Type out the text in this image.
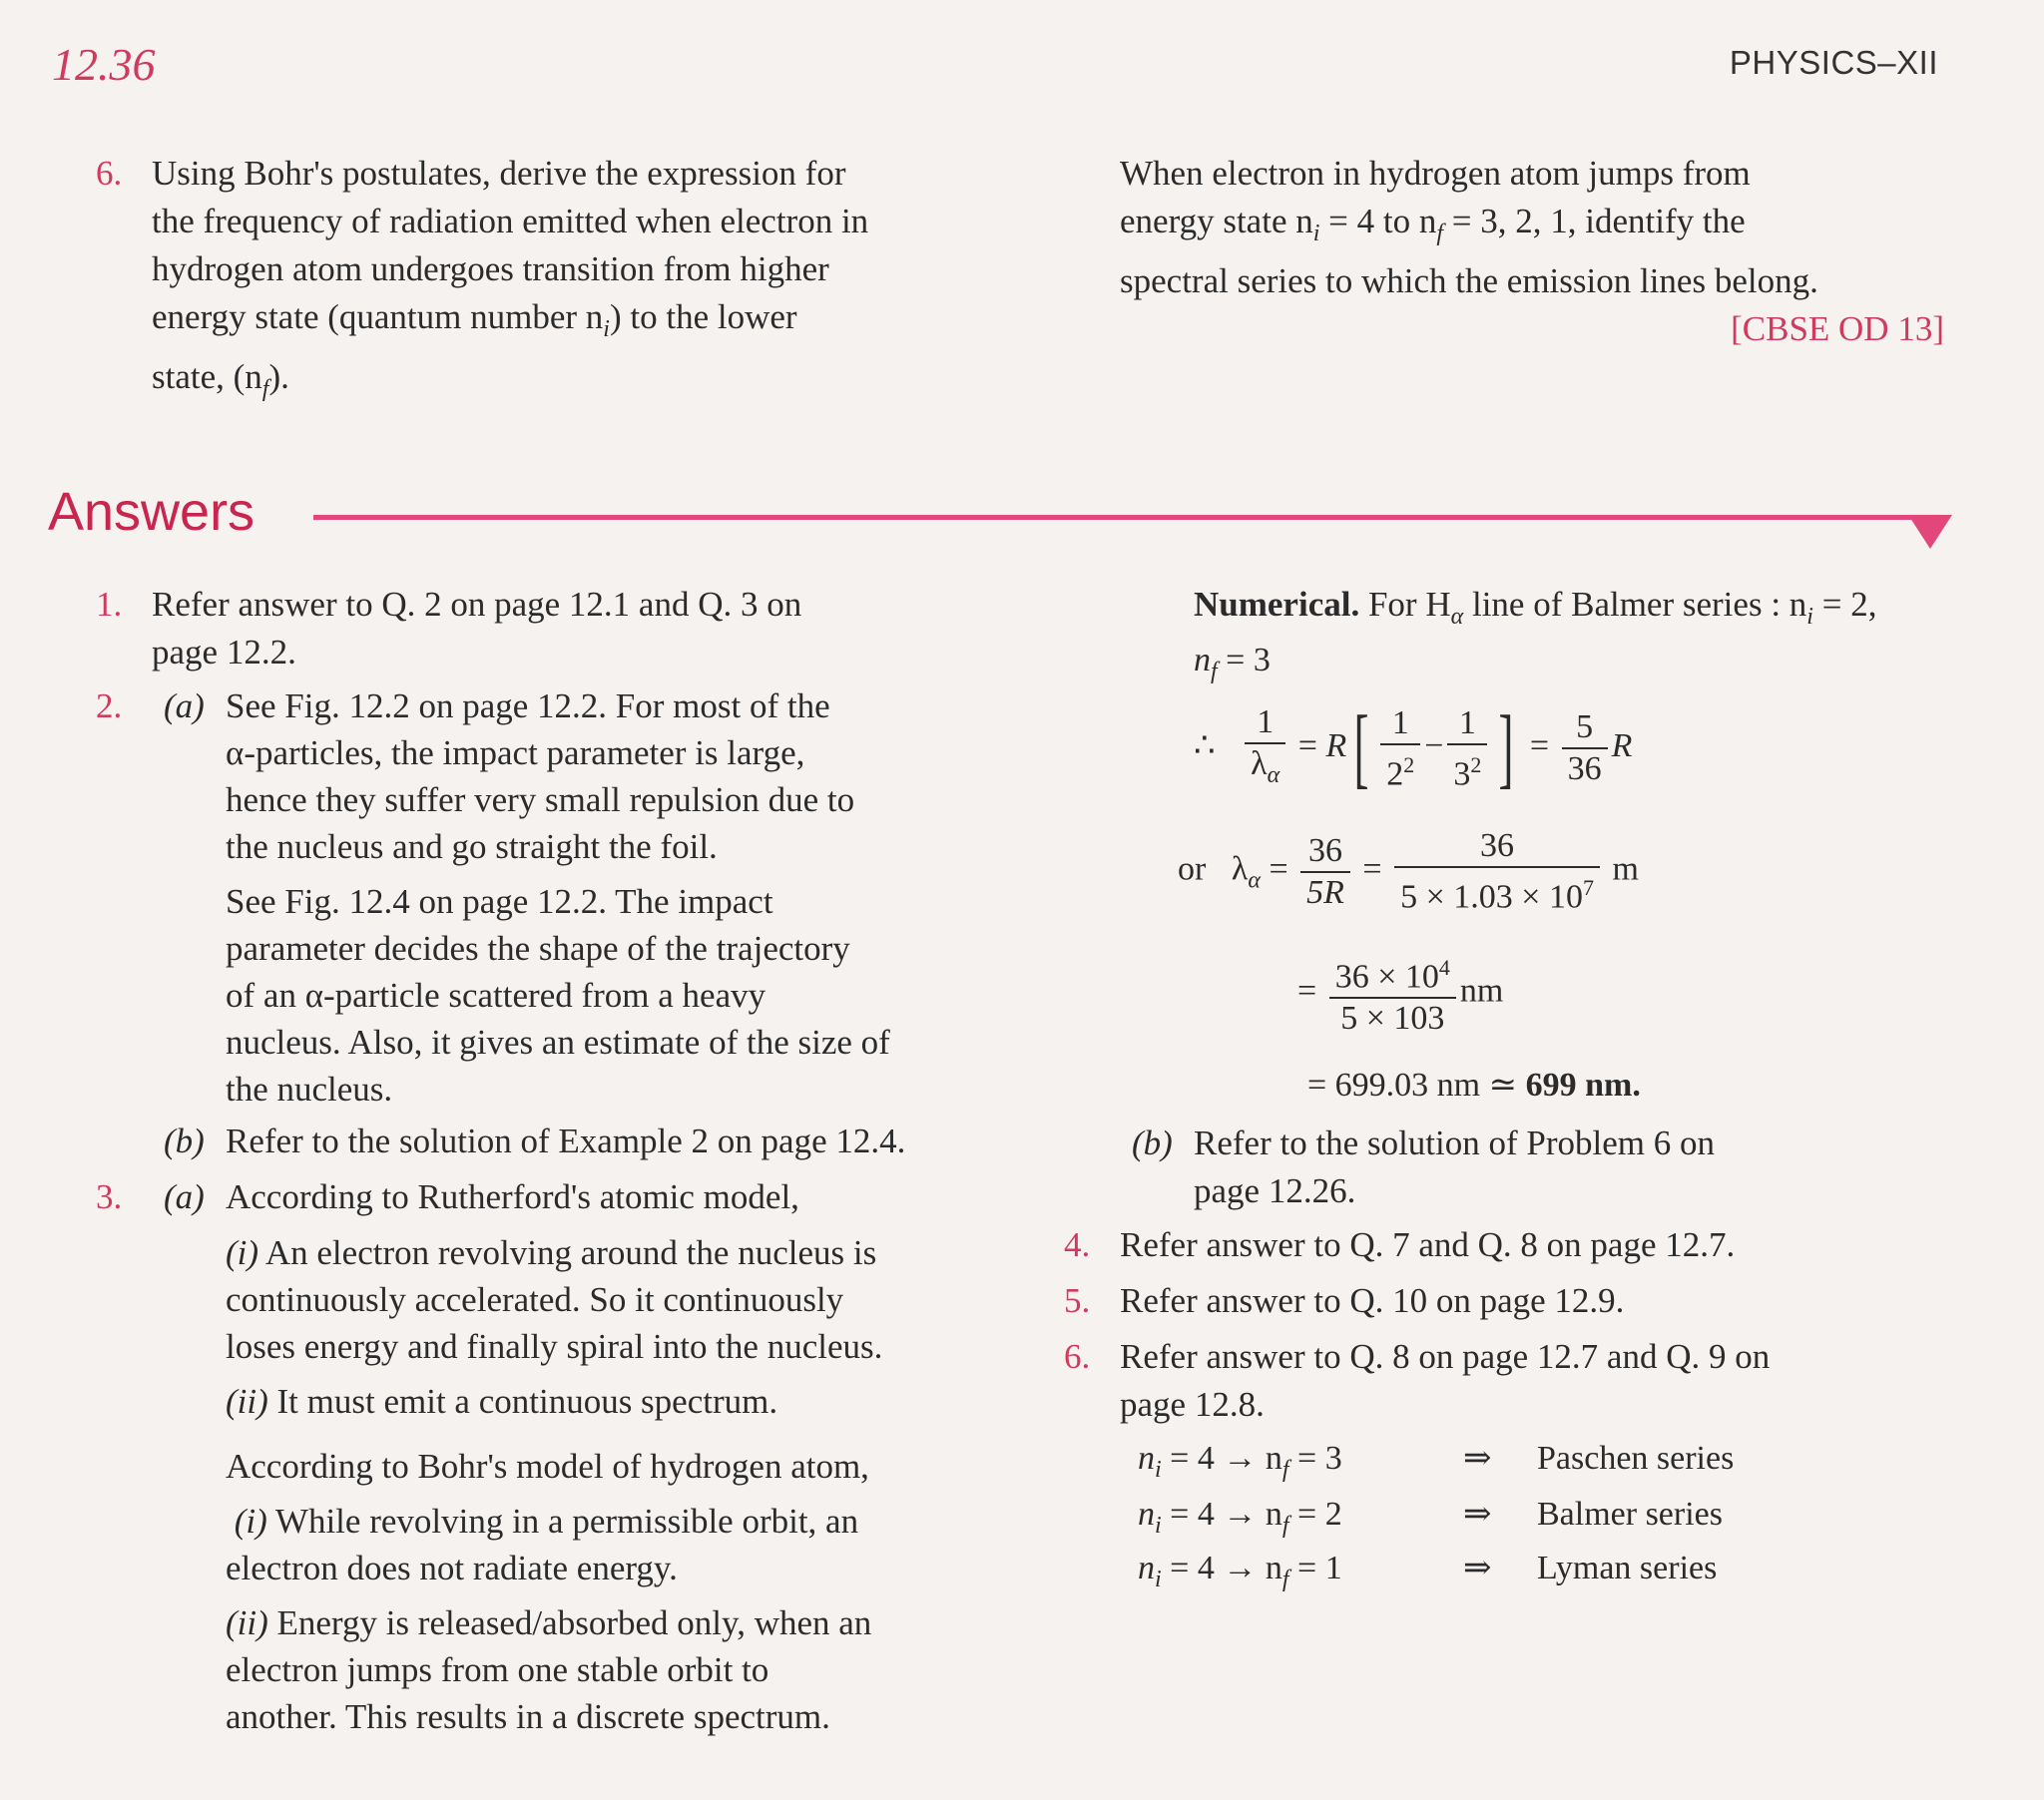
12.36	PHYSICS–XII
6. Using Bohr's postulates, derive the expression for
the frequency of radiation emitted when electron in
hydrogen atom undergoes transition from higher
energy state (quantum number $n_i$) to the lower
state, $(n_f)$.
When electron in hydrogen atom jumps from
energy state $n_i = 4$ to $n_f = 3$, 2, 1, identify the
spectral series to which the emission lines belong.
[CBSE OD 13]
Answers
1. Refer answer to Q. 2 on page 12.1 and Q. 3 on
page 12.2.
2. (a) See Fig. 12.2 on page 12.2. For most of the
α-particles, the impact parameter is large,
hence they suffer very small repulsion due to
the nucleus and go straight the foil.
See Fig. 12.4 on page 12.2. The impact
parameter decides the shape of the trajectory
of an α-particle scattered from a heavy
nucleus. Also, it gives an estimate of the size of
the nucleus.
(b) Refer to the solution of Example 2 on page 12.4.
3. (a) According to Rutherford's atomic model,
(i) An electron revolving around the nucleus is
continuously accelerated. So it continuously
loses energy and finally spiral into the nucleus.
(ii) It must emit a continuous spectrum.
According to Bohr's model of hydrogen atom,
(i) While revolving in a permissible orbit, an
electron does not radiate energy.
(ii) Energy is released/absorbed only, when an
electron jumps from one stable orbit to
another. This results in a discrete spectrum.
Numerical. For $H_\alpha$ line of Balmer series : $n_i = 2$,
$n_f = 3$
∴ $\frac{1}{\lambda_\alpha} = R[ \frac{1}{2^2} - \frac{1}{3^2}$ ] = $\frac{5}{36}$ R
or $\lambda_\alpha = \frac{36}{5R} = \frac{36}{5 \times 1.03 \times 10^7}$ m
= $\frac{36 \times 10^4}{5 \times 103}$ nm
= 699.03 nm ≃ 699 nm.
(b) Refer to the solution of Problem 6 on
page 12.26.
4. Refer answer to Q. 7 and Q. 8 on page 12.7.
5. Refer answer to Q. 10 on page 12.9.
6. Refer answer to Q. 8 on page 12.7 and Q. 9 on
page 12.8.
$n_i = 4 \to n_f = 3$	⇒ Paschen series
$n_i = 4 \to n_f = 2$	⇒ Balmer series
$n_i = 4 \to n_f = 1$	⇒ Lyman series
